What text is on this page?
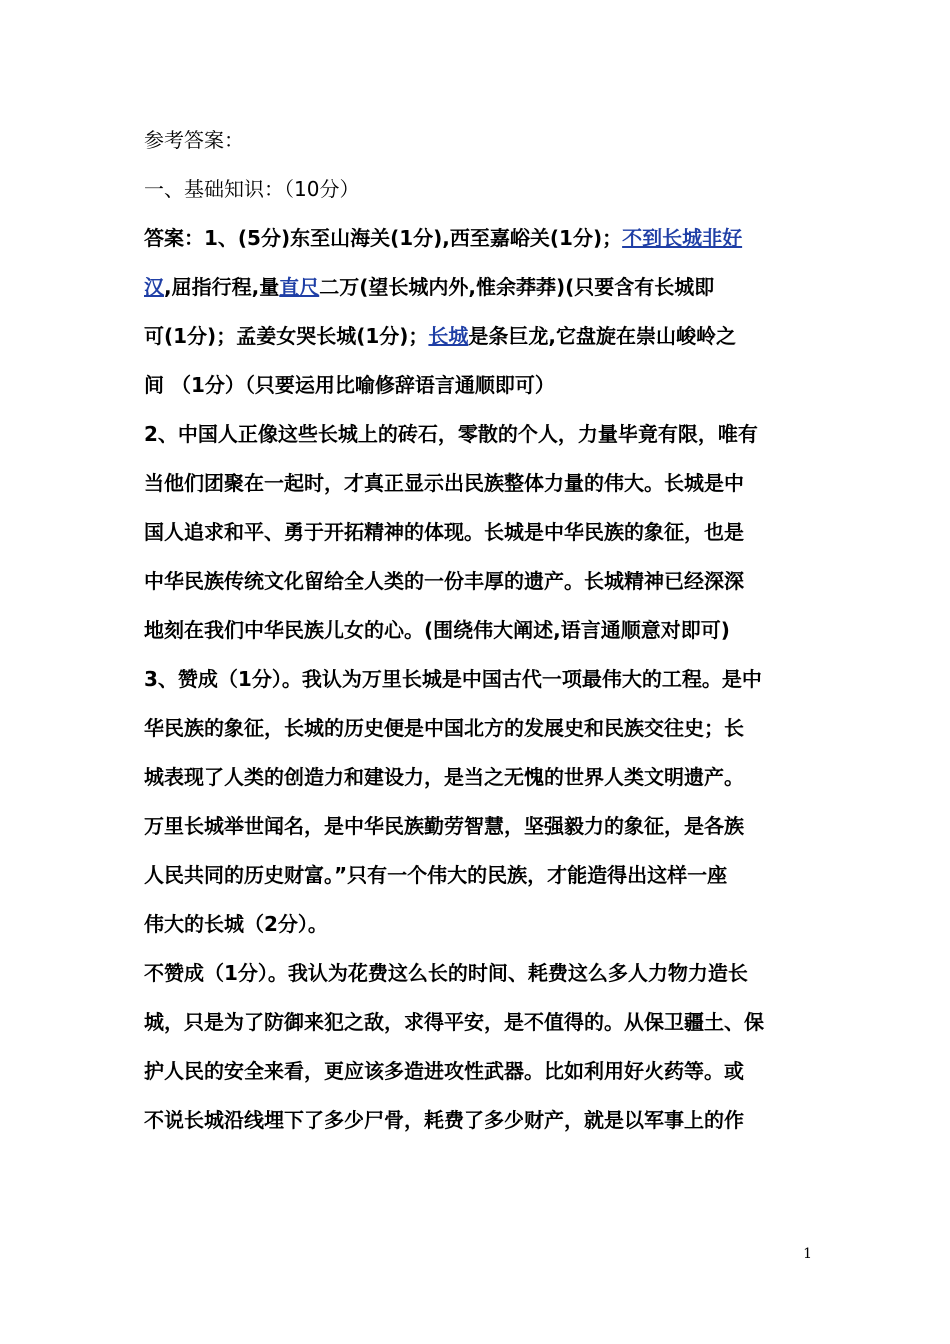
参考答案：
一、基础知识：（10分）
答案：1、(5分)东至山海关(1分),西至嘉峪关(1分)；不到长城非好
汉,屈指行程,量直尺二万(望长城内外,惟余莽莽)(只要含有长城即
可(1分)；孟姜女哭长城(1分)；长城是条巨龙,它盘旋在崇山峻岭之
间 （1分）（只要运用比喻修辞语言通顺即可）
2、中国人正像这些长城上的砖石，零散的个人，力量毕竟有限，唯有
当他们团聚在一起时，才真正显示出民族整体力量的伟大。长城是中
国人追求和平、勇于开拓精神的体现。长城是中华民族的象征，也是
中华民族传统文化留给全人类的一份丰厚的遗产。长城精神已经深深
地刻在我们中华民族儿女的心。(围绕伟大阐述,语言通顺意对即可)
3、赞成（1分）。我认为万里长城是中国古代一项最伟大的工程。是中
华民族的象征，长城的历史便是中国北方的发展史和民族交往史；长
城表现了人类的创造力和建设力，是当之无愧的世界人类文明遗产。
万里长城举世闻名，是中华民族勤劳智慧，坚强毅力的象征，是各族
人民共同的历史财富。”只有一个伟大的民族，才能造得出这样一座
伟大的长城（2分）。
不赞成（1分）。我认为花费这么长的时间、耗费这么多人力物力造长
城，只是为了防御来犯之敌，求得平安，是不值得的。从保卫疆土、保
护人民的安全来看，更应该多造进攻性武器。比如利用好火药等。或
不说长城沿线埋下了多少尸骨，耗费了多少财产，就是以军事上的作
1
